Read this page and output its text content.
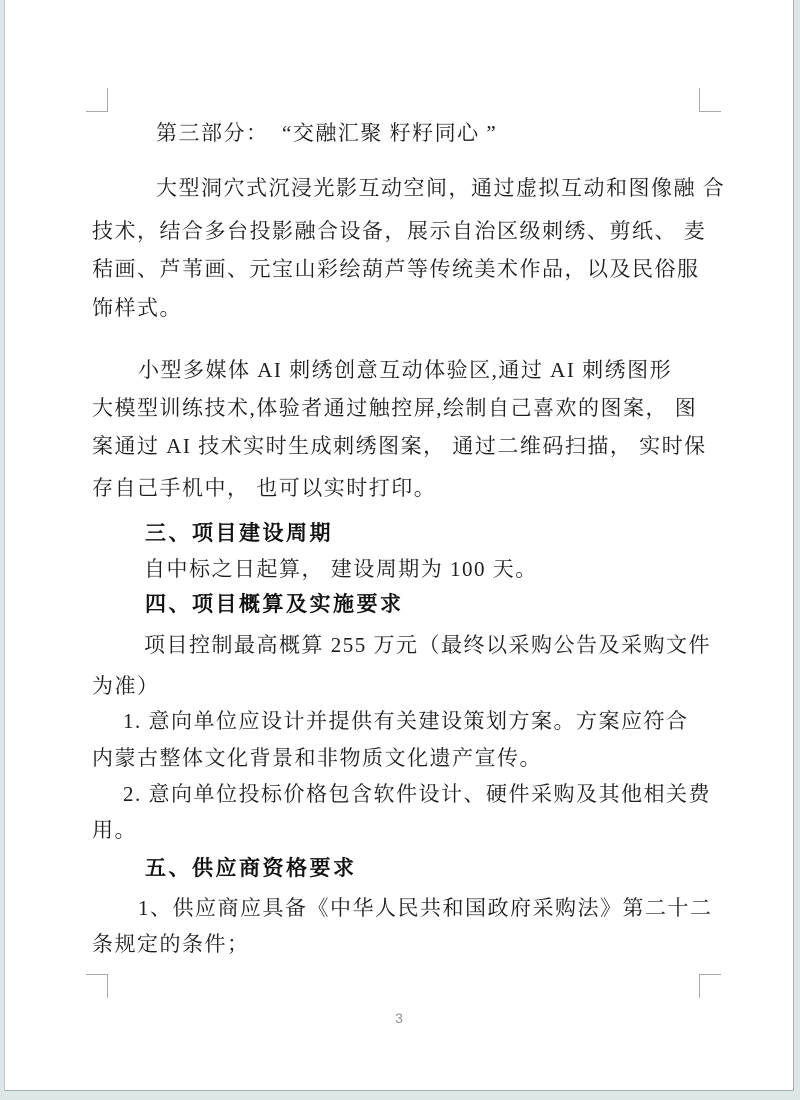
第三部分：  “交融汇聚 籽籽同心 ”
大型洞穴式沉浸光影互动空间，通过虚拟互动和图像融 合
技术，结合多台投影融合设备，展示自治区级刺绣、剪纸、 麦
秸画、芦苇画、元宝山彩绘葫芦等传统美术作品，以及民俗服
饰样式。
小型多媒体 AI 刺绣创意互动体验区,通过 AI 刺绣图形
大模型训练技术,体验者通过触控屏,绘制自己喜欢的图案， 图
案通过 AI 技术实时生成刺绣图案， 通过二维码扫描， 实时保
存自己手机中， 也可以实时打印。
三、项目建设周期
自中标之日起算， 建设周期为 100 天。
四、项目概算及实施要求
项目控制最高概算 255 万元（最终以采购公告及采购文件
为准）
1. 意向单位应设计并提供有关建设策划方案。方案应符合
内蒙古整体文化背景和非物质文化遗产宣传。
2. 意向单位投标价格包含软件设计、硬件采购及其他相关费
用。
五、供应商资格要求
1、供应商应具备《中华人民共和国政府采购法》第二十二
条规定的条件；
3
